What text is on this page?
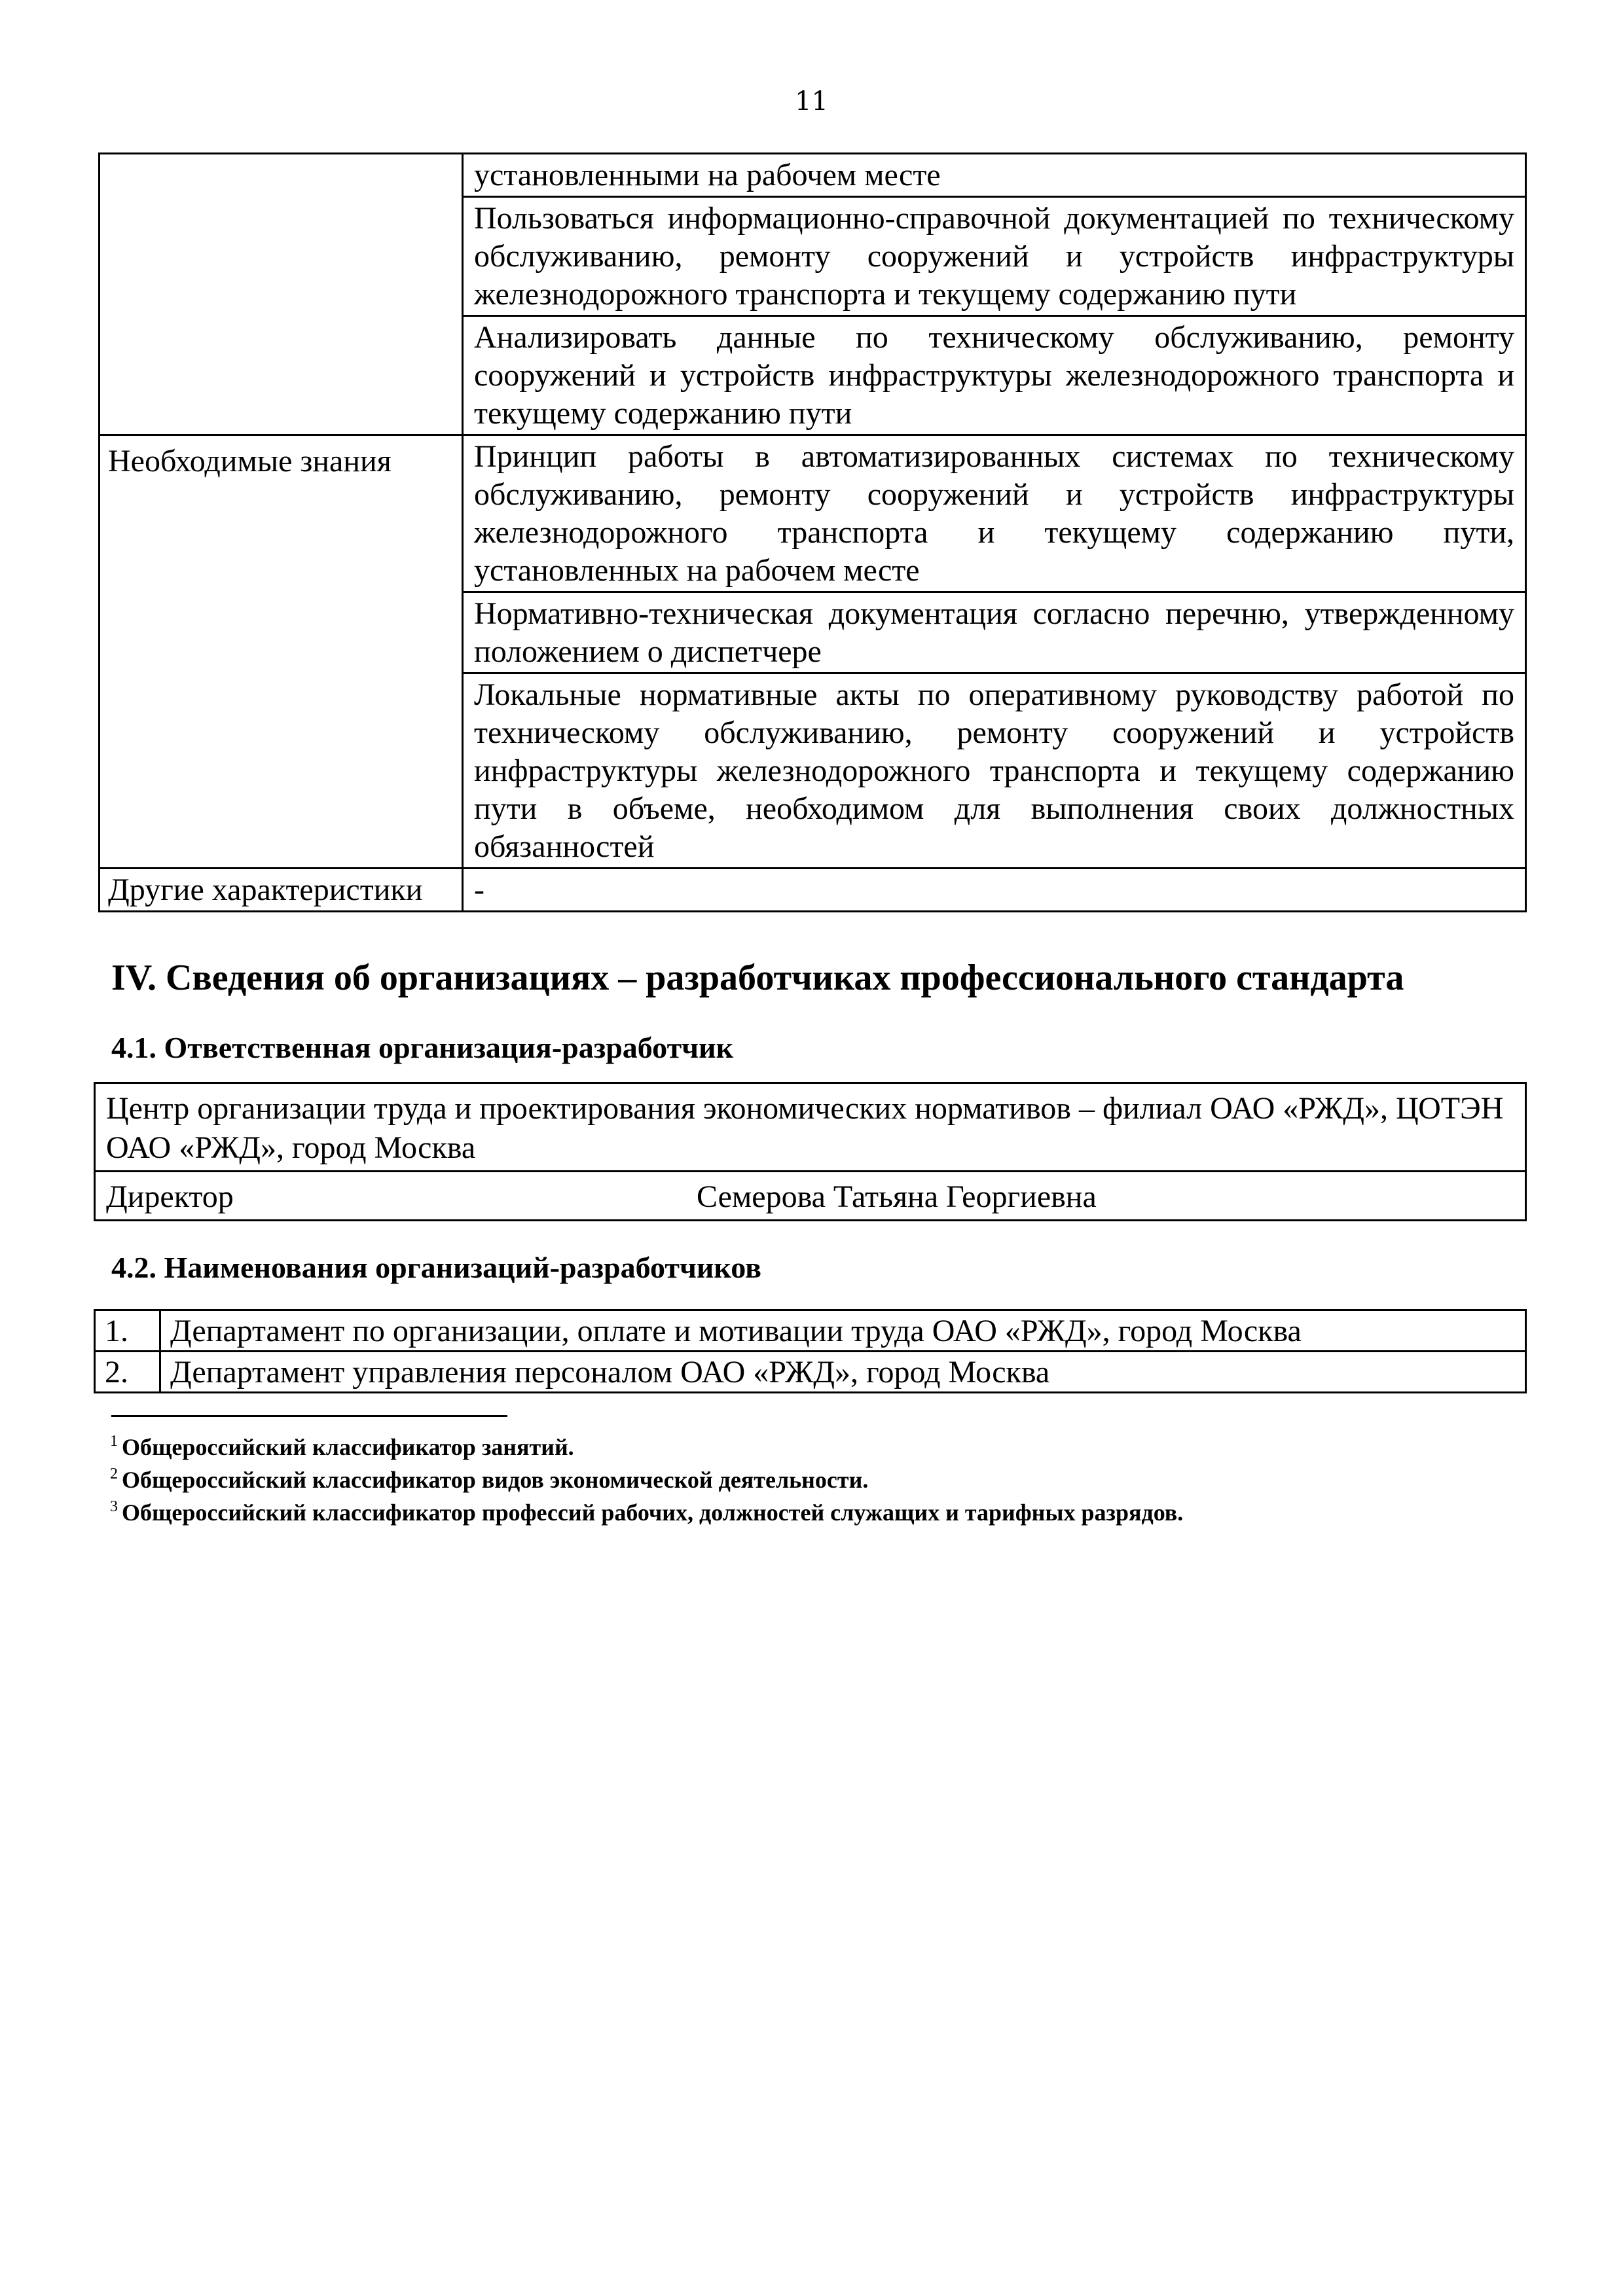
11
	установленными на рабочем месте
	Пользоваться информационно-справочной документацией по техническому обслуживанию, ремонту сооружений и устройств инфраструктуры железнодорожного транспорта и текущему содержанию пути
	Анализировать данные по техническому обслуживанию, ремонту сооружений и устройств инфраструктуры железнодорожного транспорта и текущему содержанию пути
Необходимые знания	Принцип работы в автоматизированных системах по техническому обслуживанию, ремонту сооружений и устройств инфраструктуры железнодорожного транспорта и текущему содержанию пути, установленных на рабочем месте
	Нормативно-техническая документация согласно перечню, утвержденному положением о диспетчере
	Локальные нормативные акты по оперативному руководству работой по техническому обслуживанию, ремонту сооружений и устройств инфраструктуры железнодорожного транспорта и текущему содержанию пути в объеме, необходимом для выполнения своих должностных обязанностей
Другие характеристики	-
IV. Сведения об организациях – разработчиках профессионального стандарта
4.1. Ответственная организация-разработчик
Центр организации труда и проектирования экономических нормативов – филиал ОАО «РЖД», ЦОТЭН ОАО «РЖД», город Москва

Директор	Семерова Татьяна Георгиевна
4.2. Наименования организаций-разработчиков
1.	Департамент по организации, оплате и мотивации труда ОАО «РЖД», город Москва
2.	Департамент управления персоналом ОАО «РЖД», город Москва
$^1$ Общероссийский классификатор занятий.
$^2$ Общероссийский классификатор видов экономической деятельности.
$^3$ Общероссийский классификатор профессий рабочих, должностей служащих и тарифных разрядов.
